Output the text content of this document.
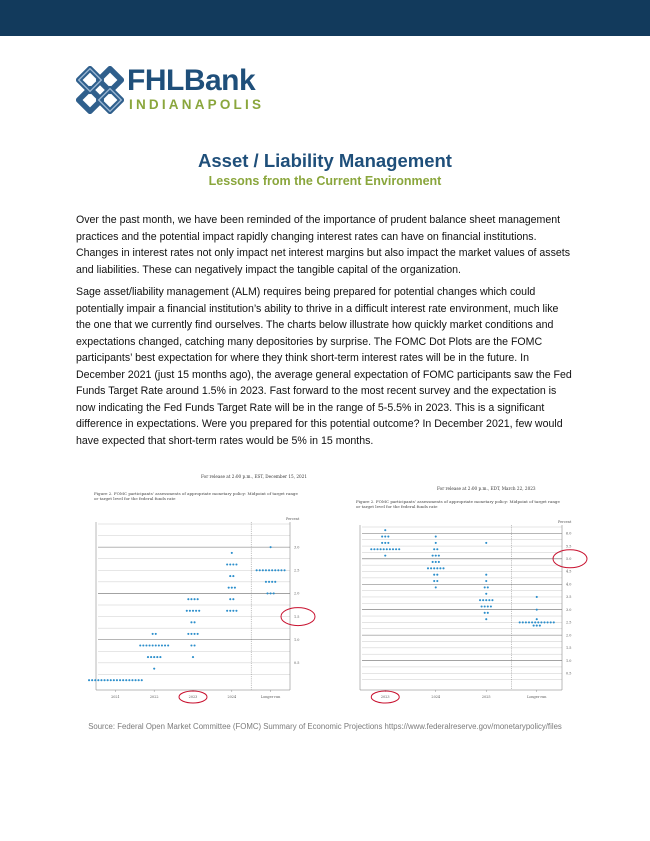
FHLBank
INDIANAPOLIS
Asset / Liability Management
Lessons from the Current Environment

Over the past month, we have been reminded of the importance of prudent balance sheet management practices and the potential impact rapidly changing interest rates can have on financial institutions. Changes in interest rates not only impact net interest margins but also impact the market values of assets and liabilities. These can negatively impact the tangible capital of the organization.

Sage asset/liability management (ALM) requires being prepared for potential changes which could potentially impair a financial institution’s ability to thrive in a difficult interest rate environment, much like the one that we currently find ourselves. The charts below illustrate how quickly market conditions and expectations changed, catching many depositories by surprise. The FOMC Dot Plots are the FOMC participants’ best expectation for where they think short-term interest rates will be in the future. In December 2021 (just 15 months ago), the average general expectation of FOMC participants saw the Fed Funds Target Rate around 1.5% in 2023. Fast forward to the most recent survey and the expectation is now indicating the Fed Funds Target Rate will be in the range of 5-5.5% in 2023. This is a significant difference in expectations. Were you prepared for this potential outcome? In December 2021, few would have expected that short-term rates would be 5% in 15 months.

For release at 2:00 p.m., EST, December 15, 2021
Figure 2. FOMC participants’ assessments of appropriate monetary policy: Midpoint of target range
or target level for the federal funds rate
3.0
2.5
2.0
1.5
1.0
0.5
Percent
2021	2022	2023	2024	Longer run
For release at 2:00 p.m., EDT, March 22, 2023
Figure 2. FOMC participants’ assessments of appropriate monetary policy: Midpoint of target range
or target level for the federal funds rate
6.0
5.5
5.0
4.5
4.0
3.5
3.0
2.5
2.0
1.5
1.0
0.5
Percent
2023	2024	2025	Longer run
Source: Federal Open Market Committee (FOMC) Summary of Economic Projections https://www.federalreserve.gov/monetarypolicy/files
